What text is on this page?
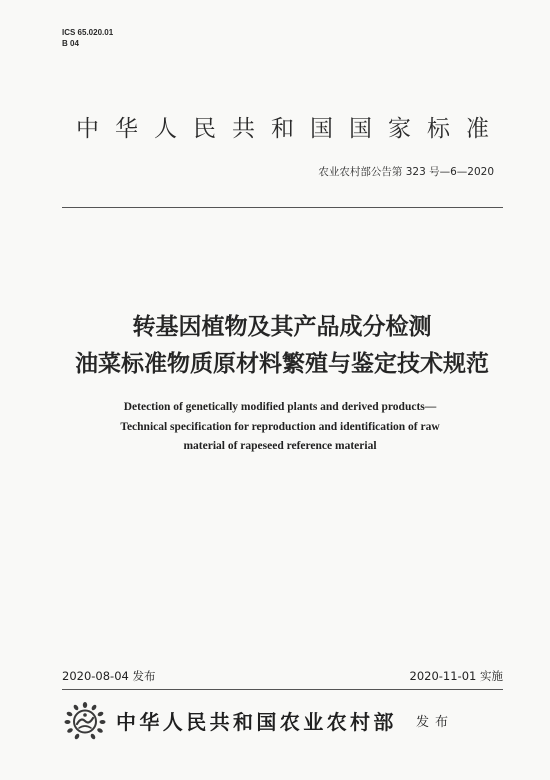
ICS 65.020.01
B 04
中华人民共和国国家标准
农业农村部公告第 323 号—6—2020
转基因植物及其产品成分检测
油菜标准物质原材料繁殖与鉴定技术规范
Detection of genetically modified plants and derived products—
Technical specification for reproduction and identification of raw
material of rapeseed reference material
2020-08-04 发布	2020-11-01 实施
中华人民共和国农业农村部 发布
